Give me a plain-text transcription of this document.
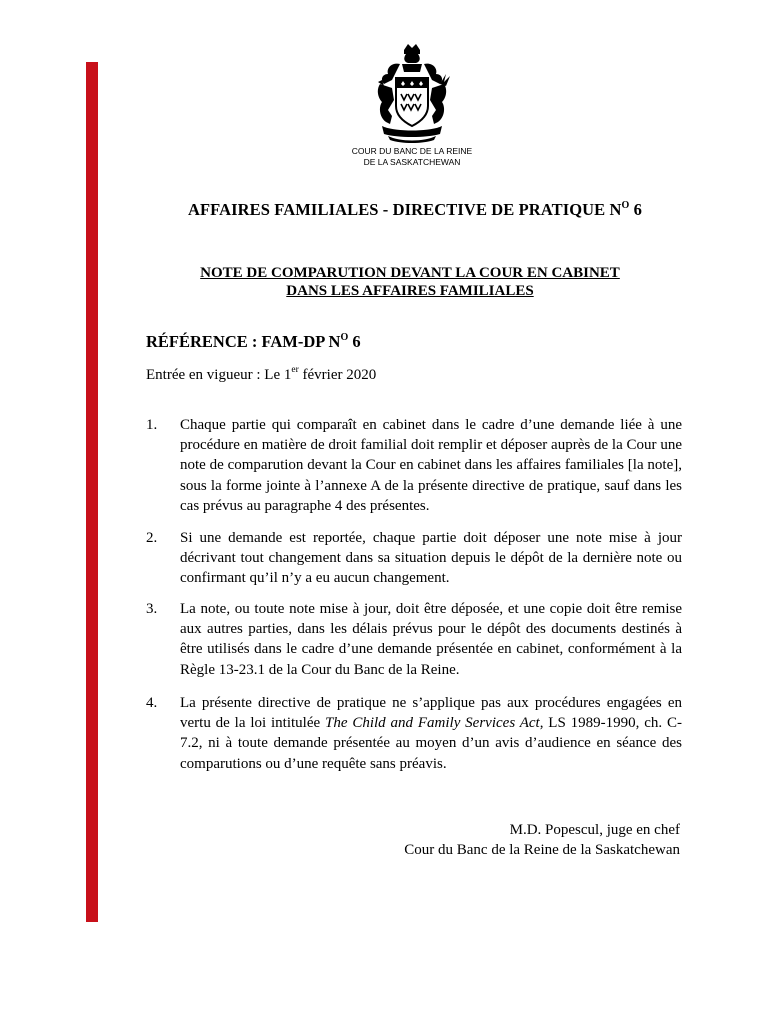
COUR DU BANC DE LA REINE
DE LA SASKATCHEWAN
AFFAIRES FAMILIALES - DIRECTIVE DE PRATIQUE $N^O$ 6
NOTE DE COMPARUTION DEVANT LA COUR EN CABINET
DANS LES AFFAIRES FAMILIALES
RÉFÉRENCE : FAM-DP $N^O$ 6
Entrée en vigueur : Le 1er février 2020
1.	Chaque partie qui comparaît en cabinet dans le cadre d’une demande liée à une procédure en matière de droit familial doit remplir et déposer auprès de la Cour une note de comparution devant la Cour en cabinet dans les affaires familiales [la note], sous la forme jointe à l’annexe A de la présente directive de pratique, sauf dans les cas prévus au paragraphe 4 des présentes.
2.	Si une demande est reportée, chaque partie doit déposer une note mise à jour décrivant tout changement dans sa situation depuis le dépôt de la dernière note ou confirmant qu’il n’y a eu aucun changement.
3.	La note, ou toute note mise à jour, doit être déposée, et une copie doit être remise aux autres parties, dans les délais prévus pour le dépôt des documents destinés à être utilisés dans le cadre d’une demande présentée en cabinet, conformément à la Règle 13-23.1 de la Cour du Banc de la Reine.
4.	La présente directive de pratique ne s’applique pas aux procédures engagées en vertu de la loi intitulée The Child and Family Services Act, LS 1989-1990, ch. C-7.2, ni à toute demande présentée au moyen d’un avis d’audience en séance des comparutions ou d’une requête sans préavis.
M.D. Popescul, juge en chef
Cour du Banc de la Reine de la Saskatchewan
